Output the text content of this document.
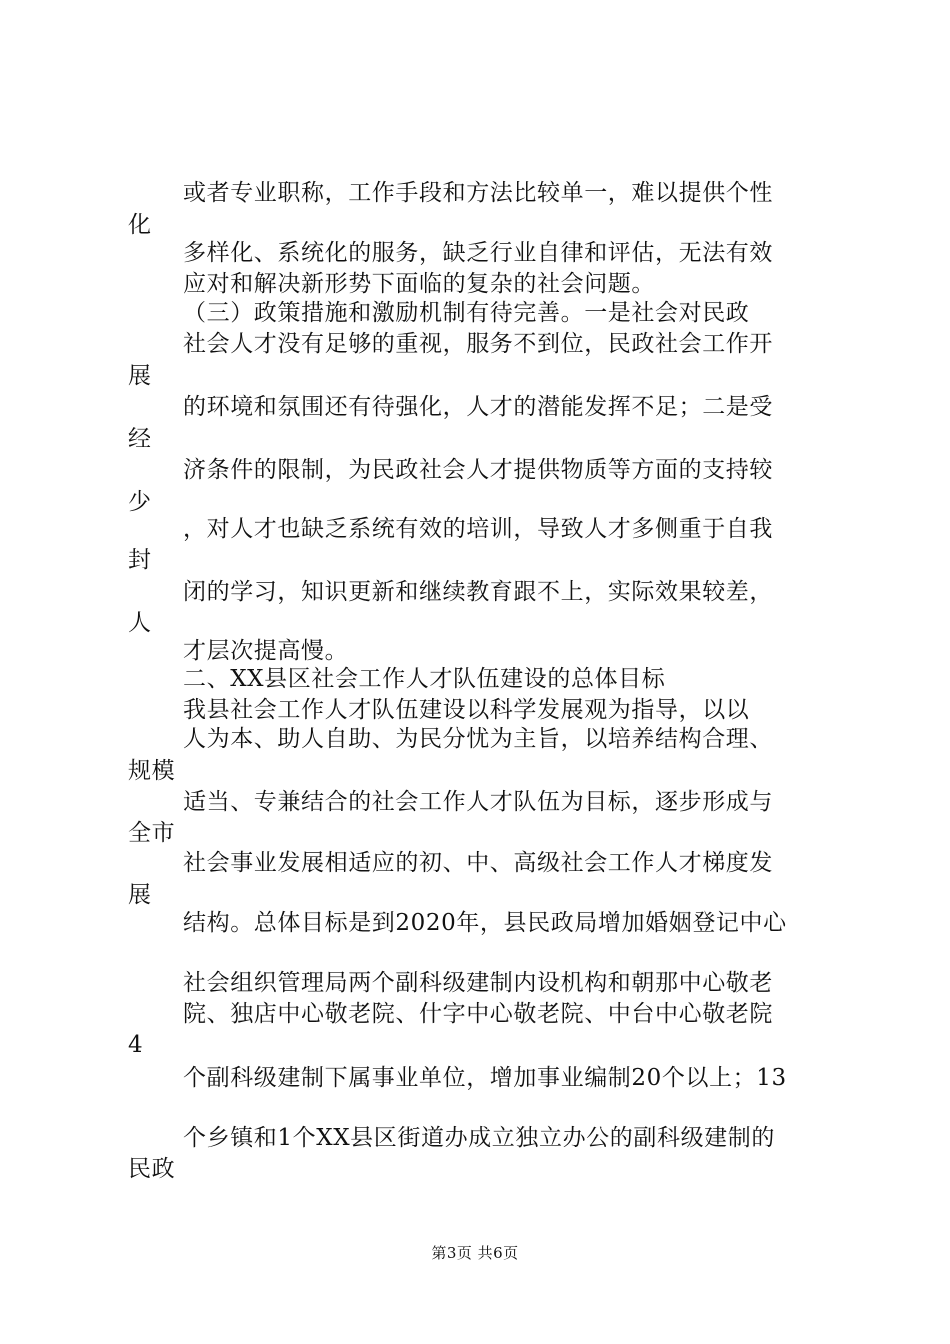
或者专业职称，工作手段和方法比较单一，难以提供个性
化
多样化、系统化的服务，缺乏行业自律和评估，无法有效
应对和解决新形势下面临的复杂的社会问题。
（三）政策措施和激励机制有待完善。一是社会对民政
社会人才没有足够的重视，服务不到位，民政社会工作开
展
的环境和氛围还有待强化，人才的潜能发挥不足；二是受
经
济条件的限制，为民政社会人才提供物质等方面的支持较
少
，对人才也缺乏系统有效的培训，导致人才多侧重于自我
封
闭的学习，知识更新和继续教育跟不上，实际效果较差，
人
才层次提高慢。
二、XX县区社会工作人才队伍建设的总体目标
我县社会工作人才队伍建设以科学发展观为指导，以以
人为本、助人自助、为民分忧为主旨，以培养结构合理、
规模
适当、专兼结合的社会工作人才队伍为目标，逐步形成与
全市
社会事业发展相适应的初、中、高级社会工作人才梯度发
展
结构。总体目标是到2020年，县民政局增加婚姻登记中心
社会组织管理局两个副科级建制内设机构和朝那中心敬老
院、独店中心敬老院、什字中心敬老院、中台中心敬老院
4
个副科级建制下属事业单位，增加事业编制20个以上；13
个乡镇和1个XX县区街道办成立独立办公的副科级建制的
民政
第3页 共6页
